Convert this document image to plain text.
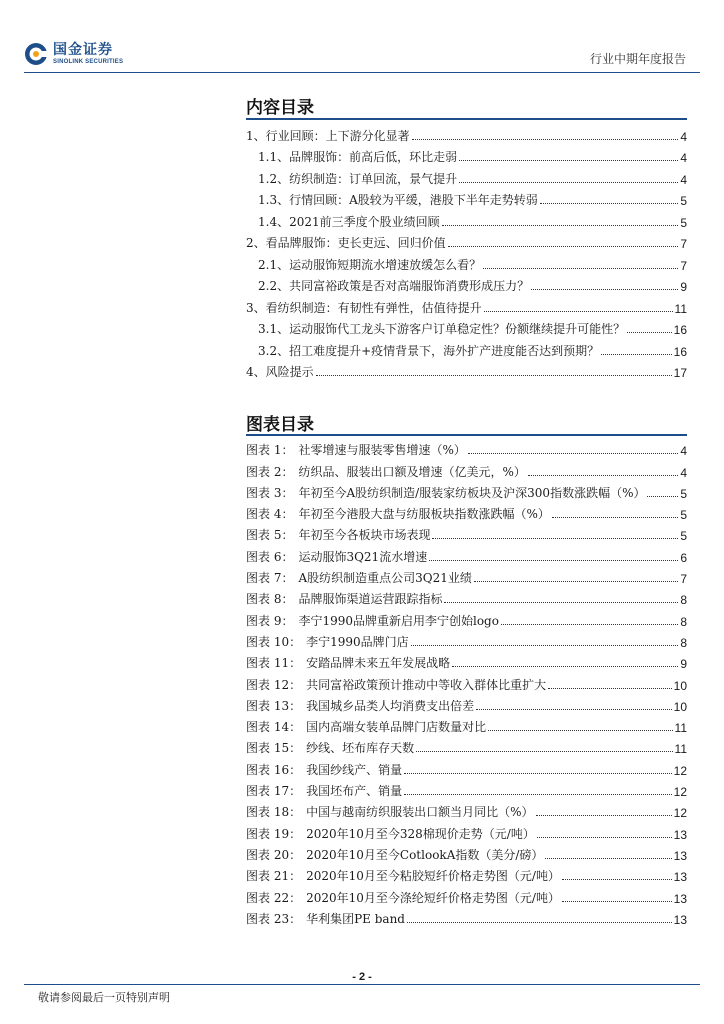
国金证券
SINOLINK SECURITIES	行业中期年度报告
内容目录
1、行业回顾：上下游分化显著	4
1.1、品牌服饰：前高后低，环比走弱	4
1.2、纺织制造：订单回流，景气提升	4
1.3、行情回顾：A股较为平缓，港股下半年走势转弱	5
1.4、2021前三季度个股业绩回顾	5
2、看品牌服饰：吏长吏远、回归价值	7
2.1、运动服饰短期流水增速放缓怎么看？	7
2.2、共同富裕政策是否对高端服饰消费形成压力？	9
3、看纺织制造：有韧性有弹性，估值待提升	11
3.1、运动服饰代工龙头下游客户订单稳定性？份额继续提升可能性？	16
3.2、招工难度提升+疫情背景下，海外扩产进度能否达到预期？	16
4、风险提示	17
图表目录
图表 1： 社零增速与服装零售增速（%）	4
图表 2： 纺织品、服装出口额及增速（亿美元，%）	4
图表 3： 年初至今A股纺织制造/服装家纺板块及沪深300指数涨跌幅（%）	5
图表 4： 年初至今港股大盘与纺服板块指数涨跌幅（%）	5
图表 5： 年初至今各板块市场表现	5
图表 6： 运动服饰3Q21流水增速	6
图表 7： A股纺织制造重点公司3Q21业绩	7
图表 8： 品牌服饰渠道运营跟踪指标	8
图表 9： 李宁1990品牌重新启用李宁创始logo	8
图表 10： 李宁1990品牌门店	8
图表 11： 安踏品牌未来五年发展战略	9
图表 12： 共同富裕政策预计推动中等收入群体比重扩大	10
图表 13： 我国城乡品类人均消费支出倍差	10
图表 14： 国内高端女装单品牌门店数量对比	11
图表 15： 纱线、坯布库存天数	11
图表 16： 我国纱线产、销量	12
图表 17： 我国坯布产、销量	12
图表 18： 中国与越南纺织服装出口额当月同比（%）	12
图表 19： 2020年10月至今328棉现价走势（元/吨）	13
图表 20： 2020年10月至今CotlookA指数（美分/磅）	13
图表 21： 2020年10月至今粘胶短纤价格走势图（元/吨）	13
图表 22： 2020年10月至今涤纶短纤价格走势图（元/吨）	13
图表 23： 华利集团PE band	13
- 2 -
敬请参阅最后一页特别声明
